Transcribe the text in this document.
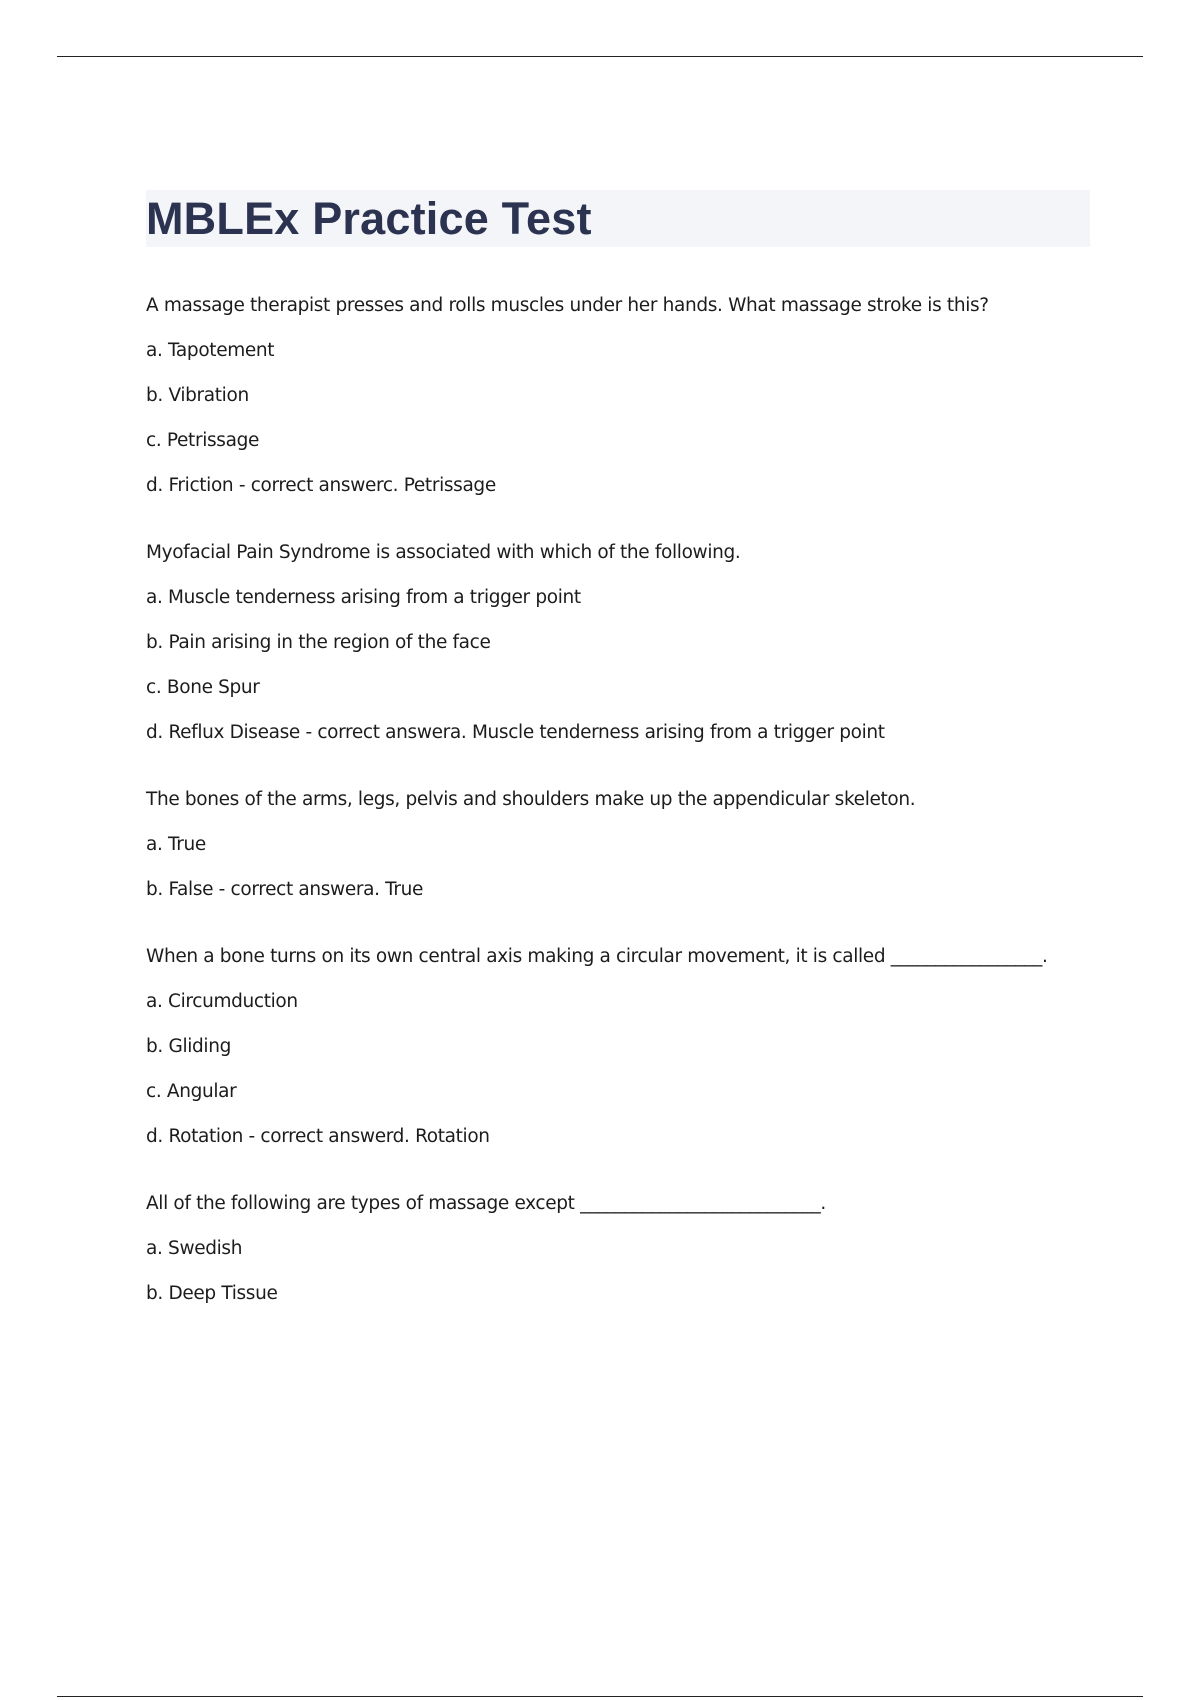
MBLEx Practice Test

A massage therapist presses and rolls muscles under her hands. What massage stroke is this?

a. Tapotement

b. Vibration

c. Petrissage

d. Friction - correct answerc. Petrissage

Myofacial Pain Syndrome is associated with which of the following.

a. Muscle tenderness arising from a trigger point

b. Pain arising in the region of the face

c. Bone Spur

d. Reflux Disease - correct answera. Muscle tenderness arising from a trigger point

The bones of the arms, legs, pelvis and shoulders make up the appendicular skeleton.

a. True

b. False - correct answera. True

When a bone turns on its own central axis making a circular movement, it is called _________________.

a. Circumduction

b. Gliding

c. Angular

d. Rotation - correct answerd. Rotation

All of the following are types of massage except ___________________________.

a. Swedish

b. Deep Tissue
